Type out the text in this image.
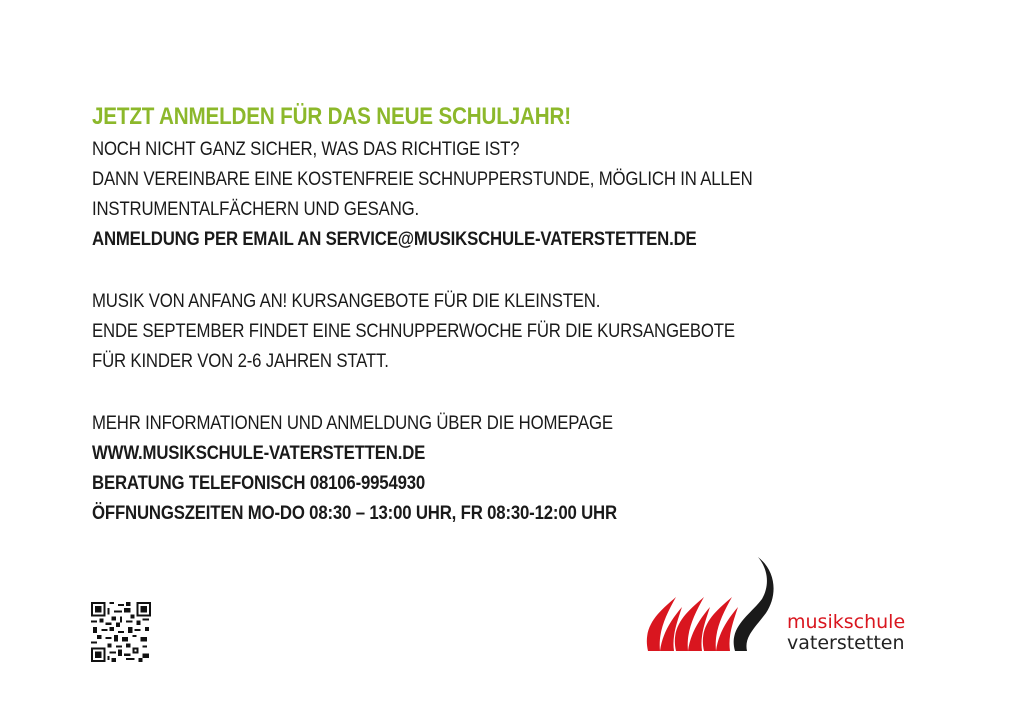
JETZT ANMELDEN FÜR DAS NEUE SCHULJAHR!
NOCH NICHT GANZ SICHER, WAS DAS RICHTIGE IST?
DANN VEREINBARE EINE KOSTENFREIE SCHNUPPERSTUNDE, MÖGLICH IN ALLEN
INSTRUMENTALFÄCHERN UND GESANG.
ANMELDUNG PER EMAIL AN SERVICE@MUSIKSCHULE-VATERSTETTEN.DE
MUSIK VON ANFANG AN! KURSANGEBOTE FÜR DIE KLEINSTEN.
ENDE SEPTEMBER FINDET EINE SCHNUPPERWOCHE FÜR DIE KURSANGEBOTE
FÜR KINDER VON 2-6 JAHREN STATT.
MEHR INFORMATIONEN UND ANMELDUNG ÜBER DIE HOMEPAGE
WWW.MUSIKSCHULE-VATERSTETTEN.DE
BERATUNG TELEFONISCH 08106-9954930
ÖFFNUNGSZEITEN MO-DO 08:30 – 13:00 UHR, FR 08:30-12:00 UHR
musikschule
vaterstetten
